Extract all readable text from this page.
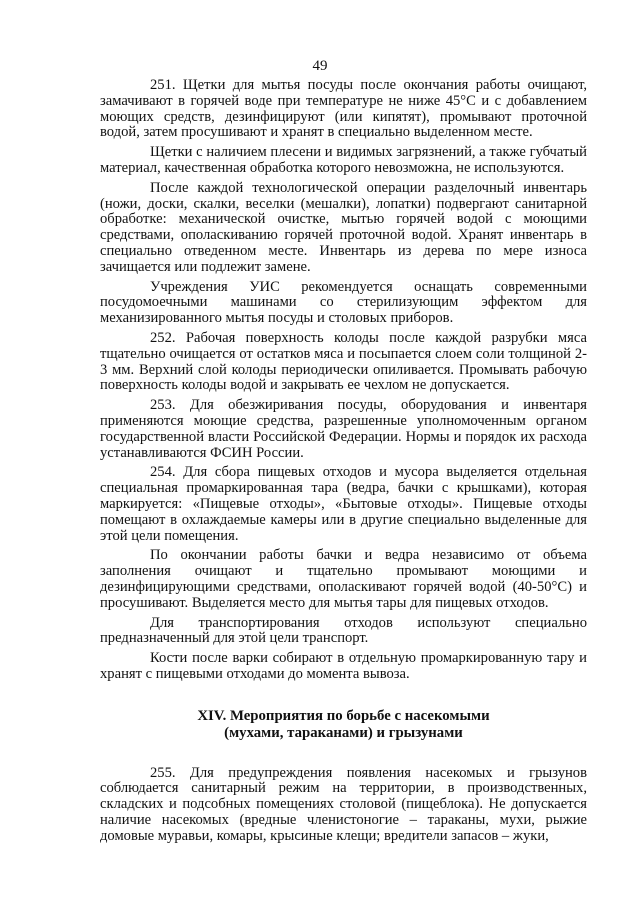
49

251. Щетки для мытья посуды после окончания работы очищают, замачивают в горячей воде при температуре не ниже 45°С и с добавлением моющих средств, дезинфицируют (или кипятят), промывают проточной водой, затем просушивают и хранят в специально выделенном месте.

Щетки с наличием плесени и видимых загрязнений, а также губчатый материал, качественная обработка которого невозможна, не используются.

После каждой технологической операции разделочный инвентарь (ножи, доски, скалки, веселки (мешалки), лопатки) подвергают санитарной обработке: механической очистке, мытью горячей водой с моющими средствами, ополаскиванию горячей проточной водой. Хранят инвентарь в специально отведенном месте. Инвентарь из дерева по мере износа зачищается или подлежит замене.

Учреждения УИС рекомендуется оснащать современными посудомоечными машинами со стерилизующим эффектом для механизированного мытья посуды и столовых приборов.

252. Рабочая поверхность колоды после каждой разрубки мяса тщательно очищается от остатков мяса и посыпается слоем соли толщиной 2-3 мм. Верхний слой колоды периодически опиливается. Промывать рабочую поверхность колоды водой и закрывать ее чехлом не допускается.

253. Для обезжиривания посуды, оборудования и инвентаря применяются моющие средства, разрешенные уполномоченным органом государственной власти Российской Федерации. Нормы и порядок их расхода устанавливаются ФСИН России.

254. Для сбора пищевых отходов и мусора выделяется отдельная специальная промаркированная тара (ведра, бачки с крышками), которая маркируется: «Пищевые отходы», «Бытовые отходы». Пищевые отходы помещают в охлаждаемые камеры или в другие специально выделенные для этой цели помещения.

По окончании работы бачки и ведра независимо от объема заполнения очищают и тщательно промывают моющими и дезинфицирующими средствами, ополаскивают горячей водой (40-50°С) и просушивают. Выделяется место для мытья тары для пищевых отходов.

Для транспортирования отходов используют специально предназначенный для этой цели транспорт.

Кости после варки собирают в отдельную промаркированную тару и хранят с пищевыми отходами до момента вывоза.

XIV. Мероприятия по борьбе с насекомыми
(мухами, тараканами) и грызунами

255. Для предупреждения появления насекомых и грызунов соблюдается санитарный режим на территории, в производственных, складских и подсобных помещениях столовой (пищеблока). Не допускается наличие насекомых (вредные членистоногие – тараканы, мухи, рыжие домовые муравьи, комары, крысиные клещи; вредители запасов – жуки,
